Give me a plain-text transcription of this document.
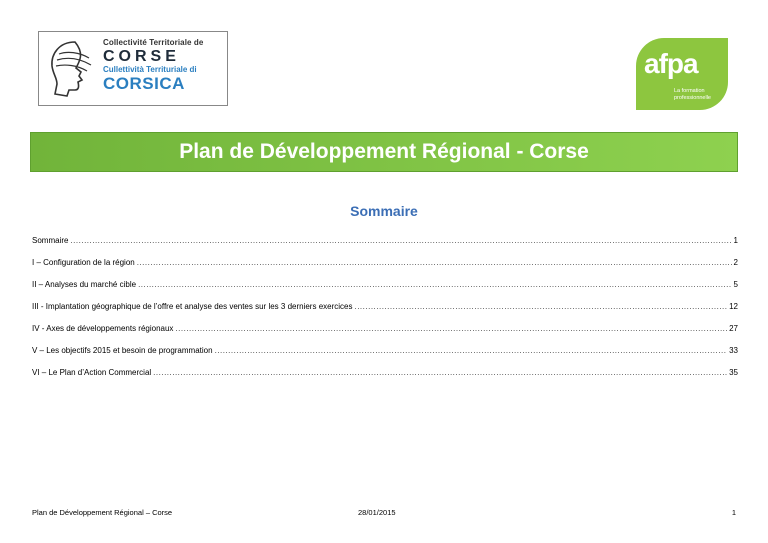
Collectivité Territoriale de
CORSE
Cullettività Territuriale di
CORSICA
afpa
La formation professionnelle
Plan de Développement Régional - Corse
Sommaire
Sommaire .....	1
I – Configuration de la région .....	2
II – Analyses du marché cible .....	5
III - Implantation géographique de l’offre et analyse des ventes sur les 3 derniers exercices .....	12
IV - Axes de développements régionaux .....	27
V – Les objectifs 2015 et besoin de programmation .....	33
VI – Le Plan d’Action Commercial .....	35
Plan de Développement Régional – Corse	28/01/2015	1
